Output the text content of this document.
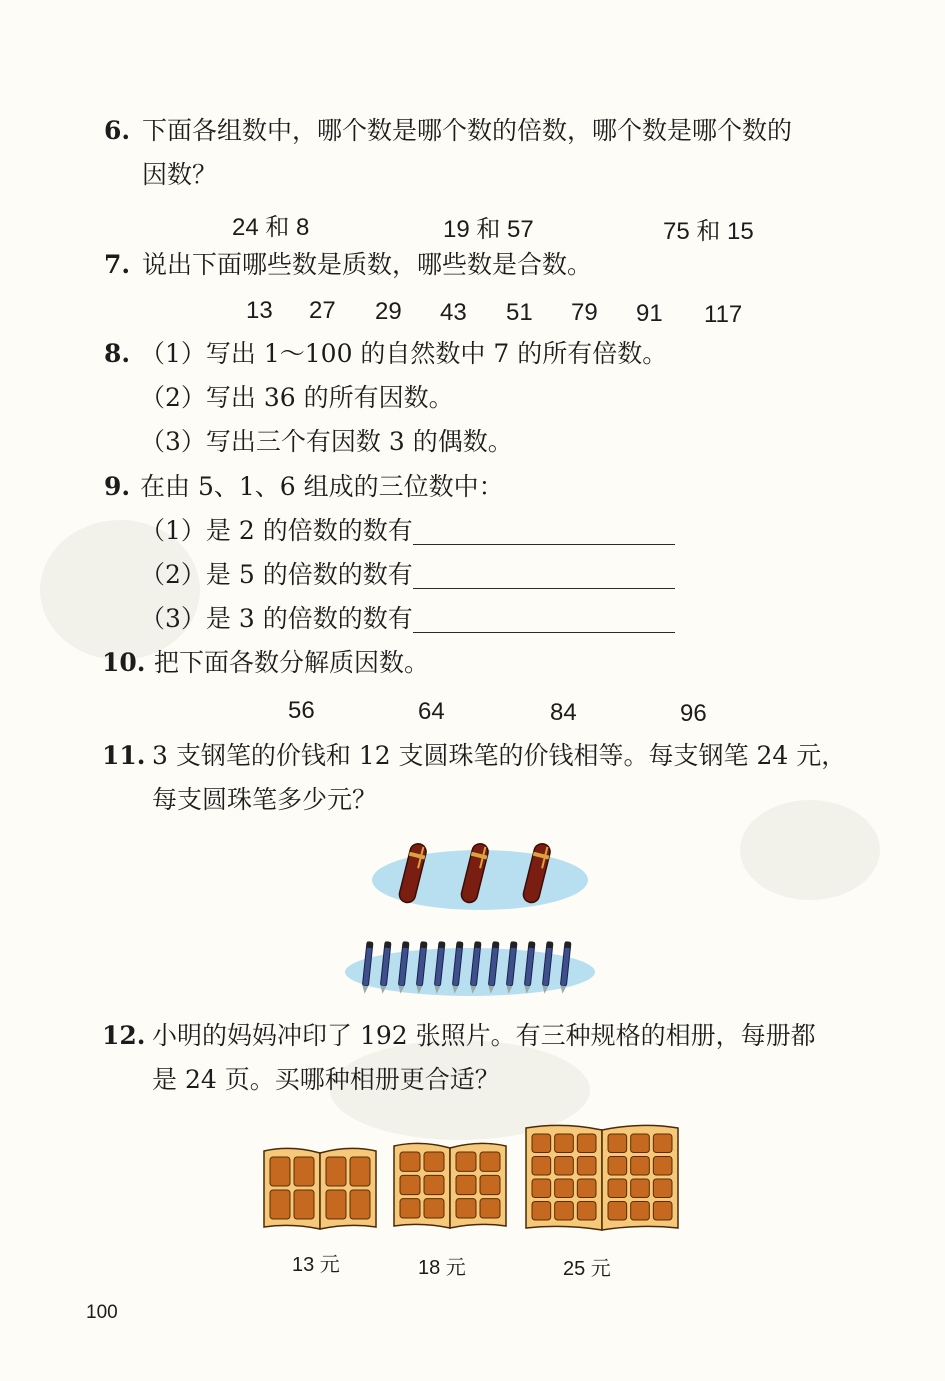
6. 下面各组数中，哪个数是哪个数的倍数，哪个数是哪个数的
因数？
24 和 8	19 和 57	75 和 15
7. 说出下面哪些数是质数，哪些数是合数。
13 27 29 43 51 79 91 117
8. （1）写出 1～100 的自然数中 7 的所有倍数。
（2）写出 36 的所有因数。
（3）写出三个有因数 3 的偶数。
9. 在由 5、1、6 组成的三位数中：
（1）是 2 的倍数的数有
（2）是 5 的倍数的数有
（3）是 3 的倍数的数有
10. 把下面各数分解质因数。
56	64	84	96
11. 3 支钢笔的价钱和 12 支圆珠笔的价钱相等。每支钢笔 24 元，
每支圆珠笔多少元？
12. 小明的妈妈冲印了 192 张照片。有三种规格的相册，每册都
是 24 页。买哪种相册更合适？
13 元	18 元	25 元
100
